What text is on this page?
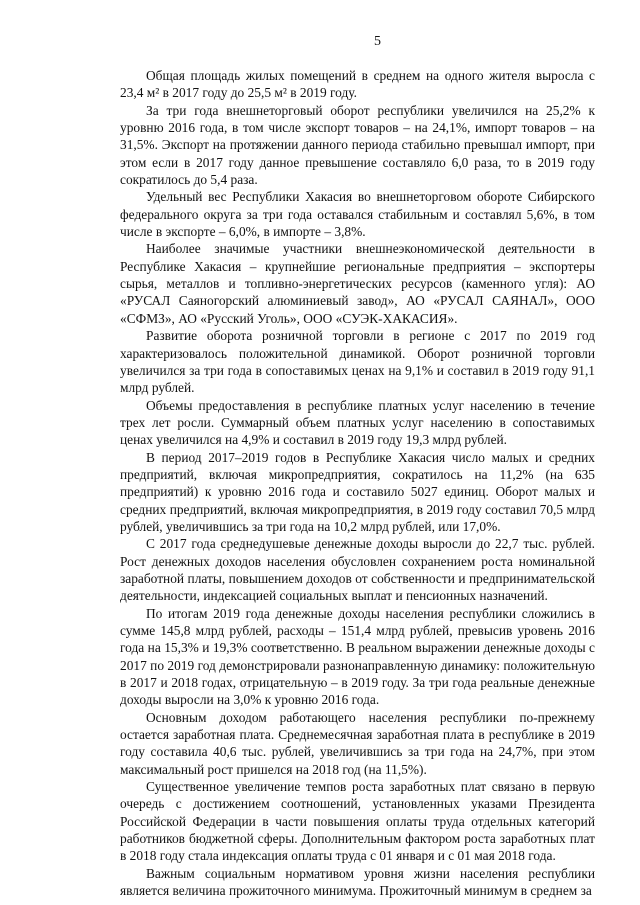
5

Общая площадь жилых помещений в среднем на одного жителя выросла с 23,4 м² в 2017 году до 25,5 м² в 2019 году.

За три года внешнеторговый оборот республики увеличился на 25,2% к уровню 2016 года, в том числе экспорт товаров – на 24,1%, импорт товаров – на 31,5%. Экспорт на протяжении данного периода стабильно превышал импорт, при этом если в 2017 году данное превышение составляло 6,0 раза, то в 2019 году сократилось до 5,4 раза.

Удельный вес Республики Хакасия во внешнеторговом обороте Сибирского федерального округа за три года оставался стабильным и составлял 5,6%, в том числе в экспорте – 6,0%, в импорте – 3,8%.

Наиболее значимые участники внешнеэкономической деятельности в Республике Хакасия – крупнейшие региональные предприятия – экспортеры сырья, металлов и топливно-энергетических ресурсов (каменного угля): АО «РУСАЛ Саяногорский алюминиевый завод», АО «РУСАЛ САЯНАЛ», ООО «СФМЗ», АО «Русский Уголь», ООО «СУЭК-ХАКАСИЯ».

Развитие оборота розничной торговли в регионе с 2017 по 2019 год характеризовалось положительной динамикой. Оборот розничной торговли увеличился за три года в сопоставимых ценах на 9,1% и составил в 2019 году 91,1 млрд рублей.

Объемы предоставления в республике платных услуг населению в течение трех лет росли. Суммарный объем платных услуг населению в сопоставимых ценах увеличился на 4,9% и составил в 2019 году 19,3 млрд рублей.

В период 2017–2019 годов в Республике Хакасия число малых и средних предприятий, включая микропредприятия, сократилось на 11,2% (на 635 предприятий) к уровню 2016 года и составило 5027 единиц. Оборот малых и средних предприятий, включая микропредприятия, в 2019 году составил 70,5 млрд рублей, увеличившись за три года на 10,2 млрд рублей, или 17,0%.

С 2017 года среднедушевые денежные доходы выросли до 22,7 тыс. рублей. Рост денежных доходов населения обусловлен сохранением роста номинальной заработной платы, повышением доходов от собственности и предпринимательской деятельности, индексацией социальных выплат и пенсионных назначений.

По итогам 2019 года денежные доходы населения республики сложились в сумме 145,8 млрд рублей, расходы – 151,4 млрд рублей, превысив уровень 2016 года на 15,3% и 19,3% соответственно. В реальном выражении денежные доходы с 2017 по 2019 год демонстрировали разнонаправленную динамику: положительную в 2017 и 2018 годах, отрицательную – в 2019 году. За три года реальные денежные доходы выросли на 3,0% к уровню 2016 года.

Основным доходом работающего населения республики по-прежнему остается заработная плата. Среднемесячная заработная плата в республике в 2019 году составила 40,6 тыс. рублей, увеличившись за три года на 24,7%, при этом максимальный рост пришелся на 2018 год (на 11,5%).

Существенное увеличение темпов роста заработных плат связано в первую очередь с достижением соотношений, установленных указами Президента Российской Федерации в части повышения оплаты труда отдельных категорий работников бюджетной сферы. Дополнительным фактором роста заработных плат в 2018 году стала индексация оплаты труда с 01 января и с 01 мая 2018 года.

Важным социальным нормативом уровня жизни населения республики является величина прожиточного минимума. Прожиточный минимум в среднем за
